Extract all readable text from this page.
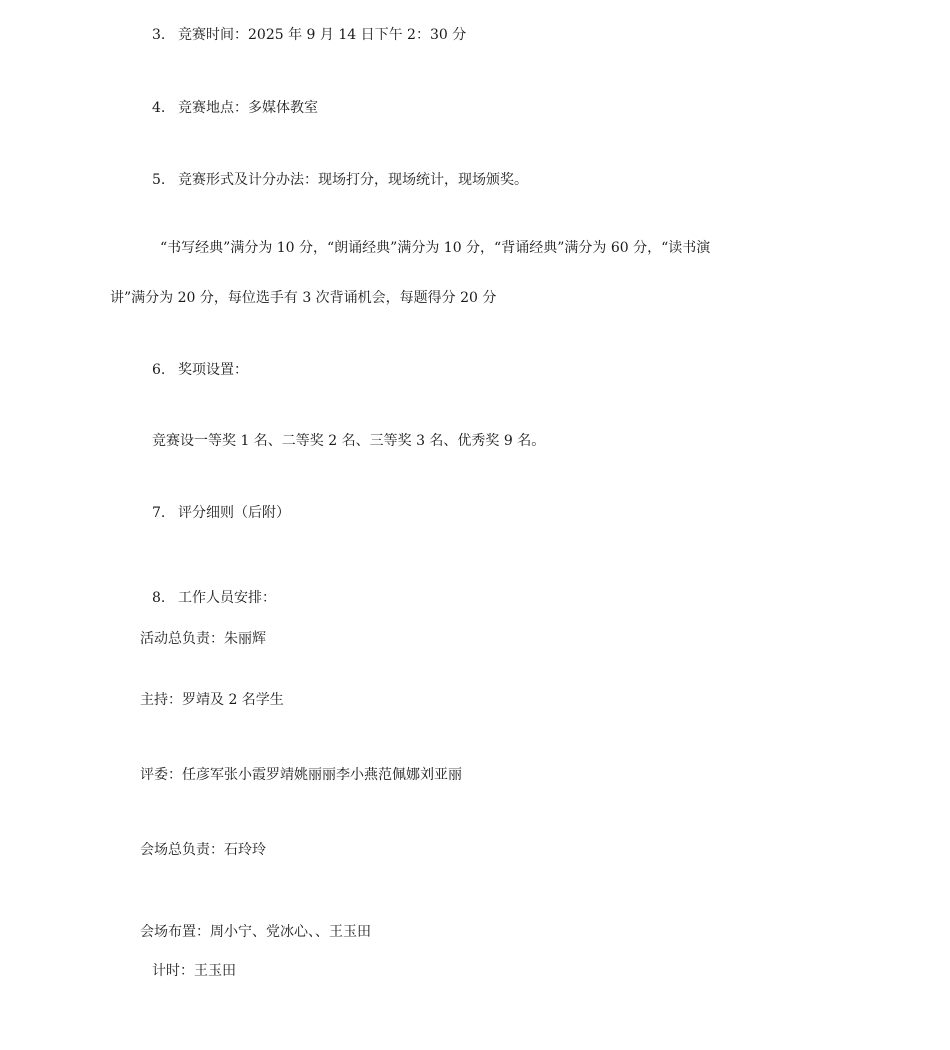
3. 竞赛时间：2025 年 9 月 14 日下午 2：30 分
4. 竞赛地点：多媒体教室
5. 竞赛形式及计分办法：现场打分，现场统计，现场颁奖。
“书写经典”满分为 10 分，“朗诵经典”满分为 10 分，“背诵经典”满分为 60 分，“读书演
讲”满分为 20 分，每位选手有 3 次背诵机会，每题得分 20 分
6. 奖项设置：
竞赛设一等奖 1 名、二等奖 2 名、三等奖 3 名、优秀奖 9 名。
7. 评分细则（后附）
8. 工作人员安排：
活动总负责：朱丽辉
主持：罗靖及 2 名学生
评委：任彦军张小霞罗靖姚丽丽李小燕范佩娜刘亚丽
会场总负责：石玲玲
会场布置：周小宁、党冰心、、王玉田
计时：王玉田
